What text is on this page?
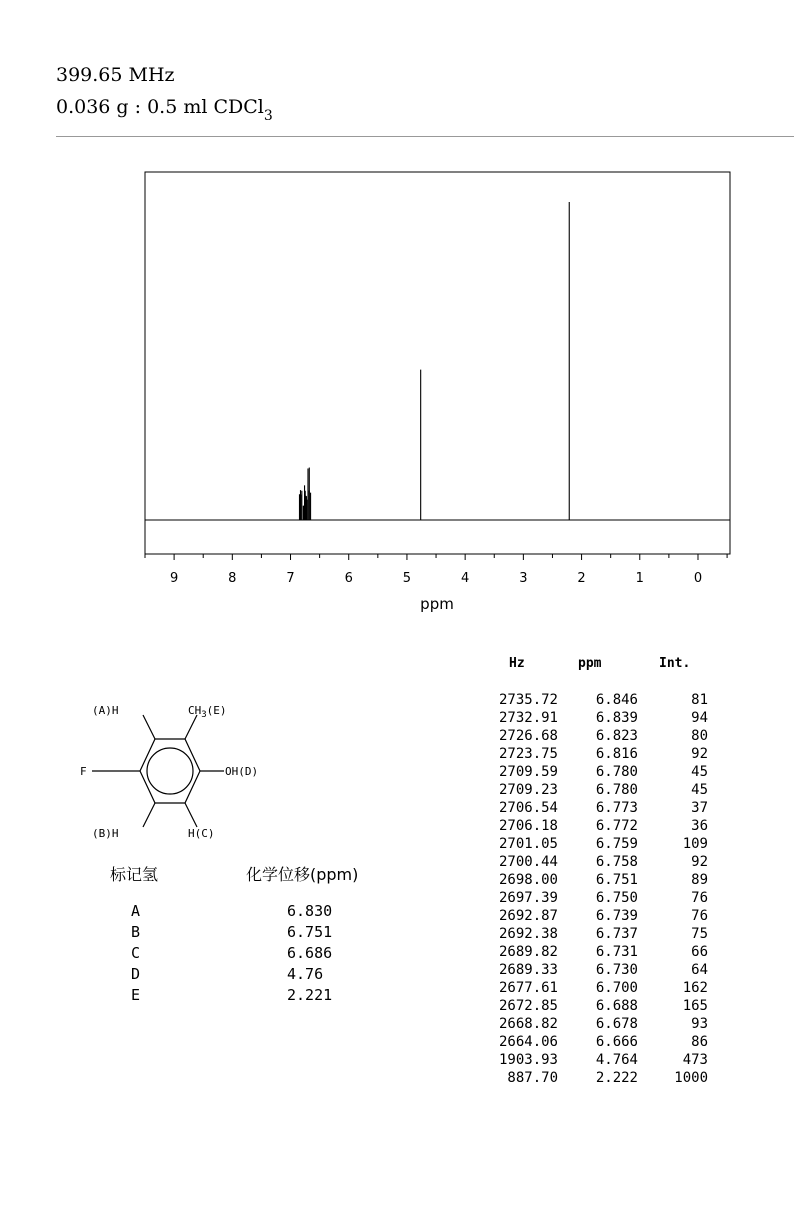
399.65 MHz
0.036 g : 0.5 ml CDCl$_3$
9	8	7	6	5	4	3	2	1	0
ppm
(A)H	$CH_3(E)$
F	OH(D)
(B)H	H(C)
标记氢	化学位移(ppm)
A	6.830
B	6.751
C	6.686
D	4.76
E	2.221
Hz	ppm	Int.
2735.72	6.846	81
2732.91	6.839	94
2726.68	6.823	80
2723.75	6.816	92
2709.59	6.780	45
2709.23	6.780	45
2706.54	6.773	37
2706.18	6.772	36
2701.05	6.759	109
2700.44	6.758	92
2698.00	6.751	89
2697.39	6.750	76
2692.87	6.739	76
2692.38	6.737	75
2689.82	6.731	66
2689.33	6.730	64
2677.61	6.700	162
2672.85	6.688	165
2668.82	6.678	93
2664.06	6.666	86
1903.93	4.764	473
887.70	2.222	1000
